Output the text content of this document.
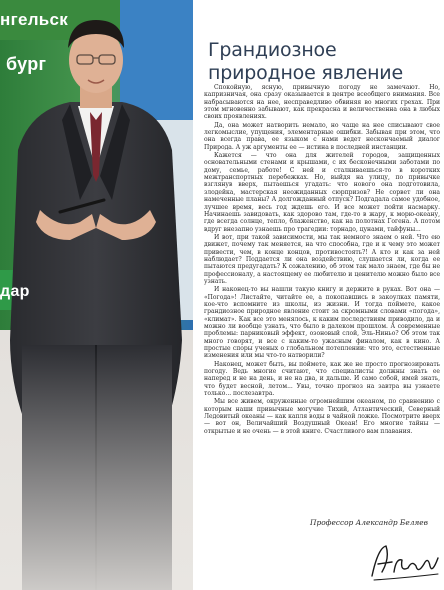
нгельск
бург
дар
Грандиозное природное явление

Спокойную, ясную, привычную погоду не замечают. Но, капризничая, она сразу оказывается в центре всеобщего внимания. Все набрасываются на нее, несправедливо обвиняя во многих грехах. При этом мгновенно забывают, как прекрасна и величественна она в любых своих проявлениях.

Да, она может натворить немало, но чаще на нее списывают свое легкомыслие, упущения, элементарные ошибки. Забывая при этом, что она всегда права, ее языком с нами ведет нескончаемый диалог Природа. А уж аргументы ее — истина в последней инстанции.

Кажется — что она для жителей городов, защищенных основательными стенами и крышами, с их бесконечными заботами по дому, семье, работе! С ней и сталкиваешься-то в коротких межтранспортных перебежках. Но, выйдя на улицу, по привычке взглянув вверх, пытаешься угадать: что нового она подготовила, злодейка, мастерская неожиданных сюрпризов? Не сорвет ли она намеченные планы? А долгожданный отпуск? Подгадала самое удобное, лучшее время, весь год ждешь его. И все может пойти насмарку. Начинаешь завидовать, как здорово там, где-то в жару, к морю-океану, где всегда солнце, тепло, блаженство, как на полотнах Гогена. А потом вдруг внезапно узнаешь про трагедии: торнадо, цунами, тайфуны...

И вот, при такой зависимости, мы так немного знаем о ней. Что ею движет, почему так меняется, на что способна, где и к чему это может привести, чем, в конце концов, противостоять?! А кто и как за ней наблюдает? Поддается ли она воздействию, слушается ли, когда ее пытаются предугадать? К сожалению, об этом так мало знаем, где бы не профессионалу, а настоящему ее любителю и ценителю можно было все узнать.

И наконец-то вы нашли такую книгу и держите в руках. Вот она — «Погода»! Листайте, читайте ее, а покопавшись в закоулках памяти, кое-что вспомните из школы, из жизни. И тогда поймете, какое грандиозное природное явление стоит за скромными словами «погода», «климат». Как все это менялось, к каким последствиям приводило, да и можно ли вообще узнать, что было в далеком прошлом. А современные проблемы: парниковый эффект, озоновый слой, Эль-Ниньо? Об этом так много говорят, и все с каким-то ужасным финалом, как в кино. А простые споры ученых о глобальном потеплении: что это, естественные изменения или мы что-то натворили?

Наконец, может быть, вы поймете, как же не просто прогнозировать погоду. Ведь многие считают, что специалисты должны знать ее наперед и не на день, и не на два, и дальше. И само собой, имей знать, что будет весной, летом... Увы, точно прогноз на завтра вы узнаете только... послезавтра.

Мы все живем, окруженные огромнейшим океаном, по сравнению с которым наши привычные могучие Тихий, Атлантический, Северный Ледовитый океаны — как капля воды в чайной ложке. Посмотрите вверх — вот он, Величайший Воздушный Океан! Его многие тайны — открытые и не очень — в этой книге. Счастливого вам плавания.

Профессор Александр Беляев
